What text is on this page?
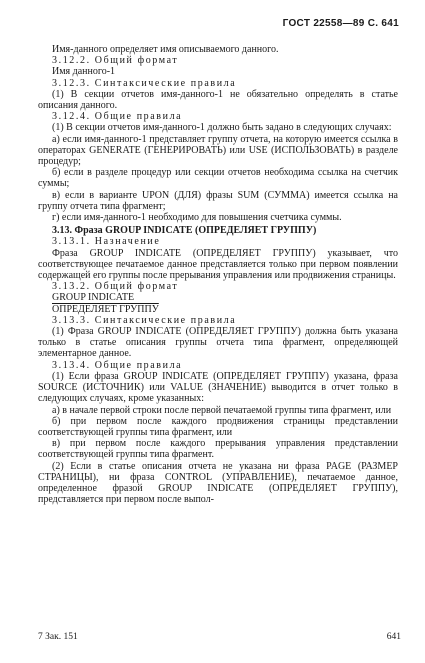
ГОСТ 22558—89 С. 641

Имя-данного определяет имя описываемого данного.

3.12.2. Общий формат

Имя данного-1

3.12.3. Синтаксические правила

(1) В секции отчетов имя-данного-1 не обязательно определять в статье описания данного.

3.12.4. Общие правила

(1) В секции отчетов имя-данного-1 должно быть задано в следующих случаях:

а) если имя-данного-1 представляет группу отчета, на которую имеется ссылка в операторах GENERATE (ГЕНЕРИРОВАТЬ) или USE (ИСПОЛЬЗОВАТЬ) в разделе процедур;

б) если в разделе процедур или секции отчетов необходима ссылка на счетчик суммы;

в) если в варианте UPON (ДЛЯ) фразы SUM (СУММА) имеется ссылка на группу отчета типа фрагмент;

г) если имя-данного-1 необходимо для повышения счетчика суммы.

3.13. Фраза GROUP INDICATE (ОПРЕДЕЛЯЕТ ГРУППУ)

3.13.1. Назначение

Фраза GROUP INDICATE (ОПРЕДЕЛЯЕТ ГРУППУ) указывает, что соответствующее печатаемое данное представляется только при первом появлении содержащей его группы после прерывания управления или продвижения страницы.

3.13.2. Общий формат

GROUP INDICATE

ОПРЕДЕЛЯЕТ ГРУППУ

3.13.3. Синтаксические правила

(1) Фраза GROUP INDICATE (ОПРЕДЕЛЯЕТ ГРУППУ) должна быть указана только в статье описания группы отчета типа фрагмент, определяющей элементарное данное.

3.13.4. Общие правила

(1) Если фраза GROUP INDICATE (ОПРЕДЕЛЯЕТ ГРУППУ) указана, фраза SOURCE (ИСТОЧНИК) или VALUE (ЗНАЧЕНИЕ) выводится в отчет только в следующих случаях, кроме указанных:

а) в начале первой строки после первой печатаемой группы типа фрагмент, или

б) при первом после каждого продвижения страницы представлении соответствующей группы типа фрагмент, или

в) при первом после каждого прерывания управления представлении соответствующей группы типа фрагмент.

(2) Если в статье описания отчета не указана ни фраза PAGE (РАЗМЕР СТРАНИЦЫ), ни фраза CONTROL (УПРАВЛЕНИЕ), печатаемое данное, определенное фразой GROUP INDICATE (ОПРЕДЕЛЯЕТ ГРУППУ), представляется при первом после выпол-

7 Зак. 151	641
